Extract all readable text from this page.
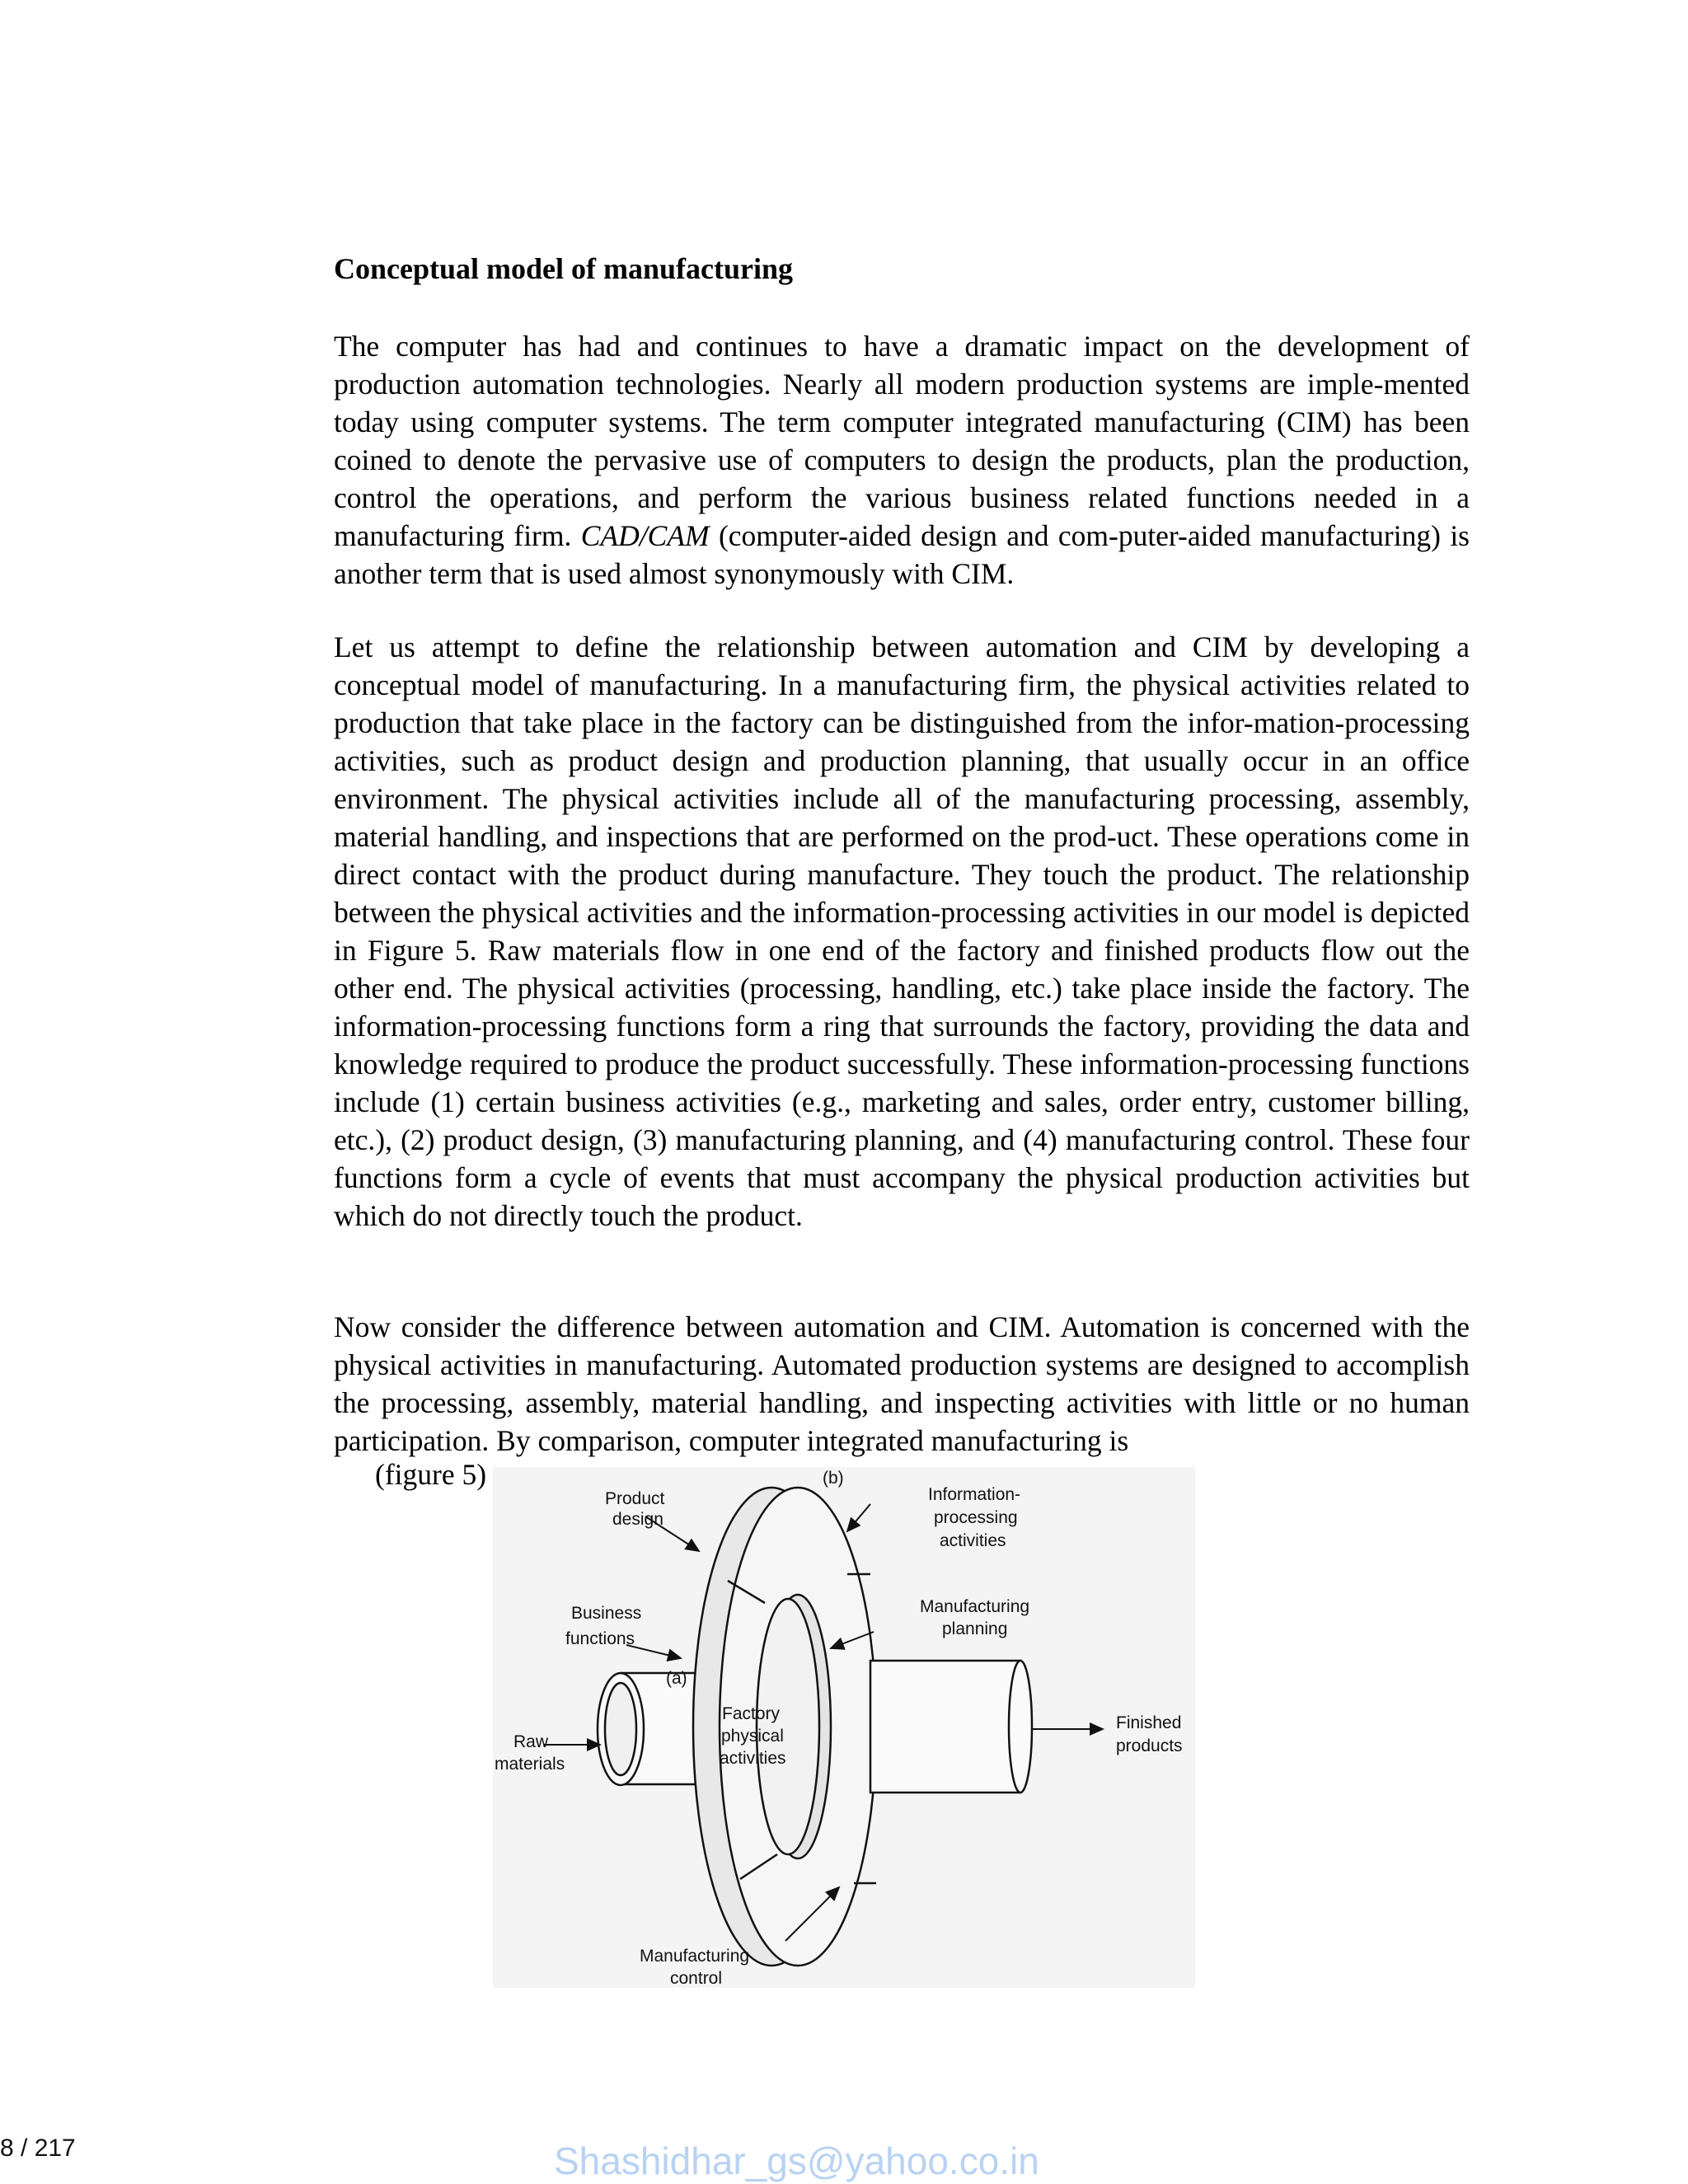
Conceptual model of manufacturing

The computer has had and continues to have a dramatic impact on the development of production automation technologies. Nearly all modern production systems are imple-mented today using computer systems. The term computer integrated manufacturing (CIM) has been coined to denote the pervasive use of computers to design the products, plan the production, control the operations, and perform the various business related functions needed in a manufacturing firm. CAD/CAM (computer-aided design and com-puter-aided manufacturing) is another term that is used almost synonymously with CIM.

Let us attempt to define the relationship between automation and CIM by developing a conceptual model of manufacturing. In a manufacturing firm, the physical activities related to production that take place in the factory can be distinguished from the infor-mation-processing activities, such as product design and production planning, that usually occur in an office environment. The physical activities include all of the manufacturing processing, assembly, material handling, and inspections that are performed on the prod-uct. These operations come in direct contact with the product during manufacture. They touch the product. The relationship between the physical activities and the information-processing activities in our model is depicted in Figure 5. Raw materials flow in one end of the factory and finished products flow out the other end. The physical activities (processing, handling, etc.) take place inside the factory. The information-processing functions form a ring that surrounds the factory, providing the data and knowledge required to produce the product successfully. These information-processing functions include (1) certain business activities (e.g., marketing and sales, order entry, customer billing, etc.), (2) product design, (3) manufacturing planning, and (4) manufacturing control. These four functions form a cycle of events that must accompany the physical production activities but which do not directly touch the product.

Now consider the difference between automation and CIM. Automation is concerned with the physical activities in manufacturing. Automated production systems are designed to accomplish the processing, assembly, material handling, and inspecting activities with little or no human participation. By comparison, computer integrated manufacturing is

(figure 5)	(b)
(a)
Product
design
Information-
processing
activities
Business
functions
Manufacturing
planning
Factory
physical
activities
Raw
materials
Finished
products
Manufacturing
control
8 / 217	Shashidhar_gs@yahoo.co.in
